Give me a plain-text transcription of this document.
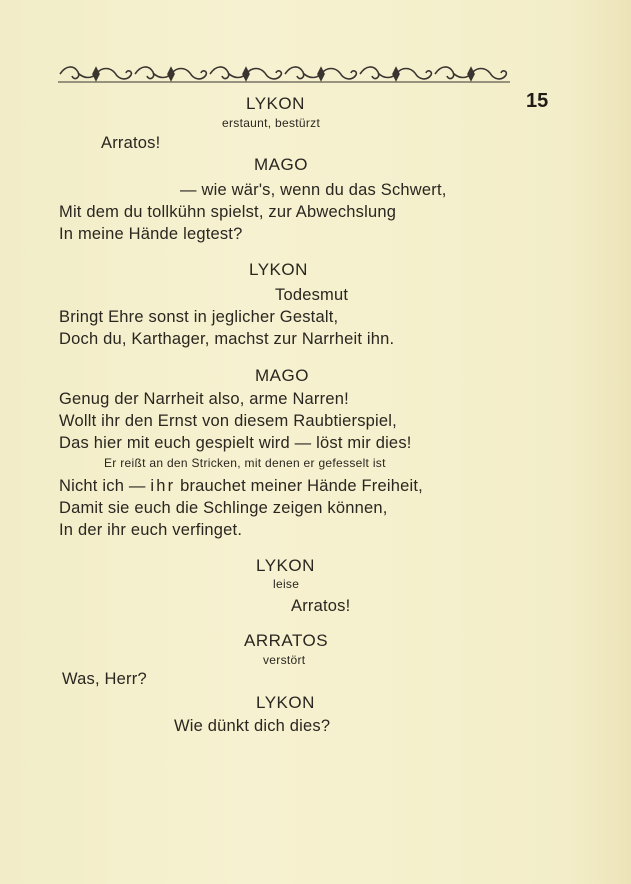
15
LYKON
erstaunt, bestürzt
Arratos!
MAGO
— wie wär's, wenn du das Schwert,
Mit dem du tollkühn spielst, zur Abwechslung
In meine Hände legtest?
LYKON
Todesmut
Bringt Ehre sonst in jeglicher Gestalt,
Doch du, Karthager, machst zur Narrheit ihn.
MAGO
Genug der Narrheit also, arme Narren!
Wollt ihr den Ernst von diesem Raubtierspiel,
Das hier mit euch gespielt wird — löst mir dies!
Er reißt an den Stricken, mit denen er gefesselt ist
Nicht ich — ihr brauchet meiner Hände Freiheit,
Damit sie euch die Schlinge zeigen können,
In der ihr euch verfinget.
LYKON
leise
Arratos!
ARRATOS
verstört
Was, Herr?
LYKON
Wie dünkt dich dies?
